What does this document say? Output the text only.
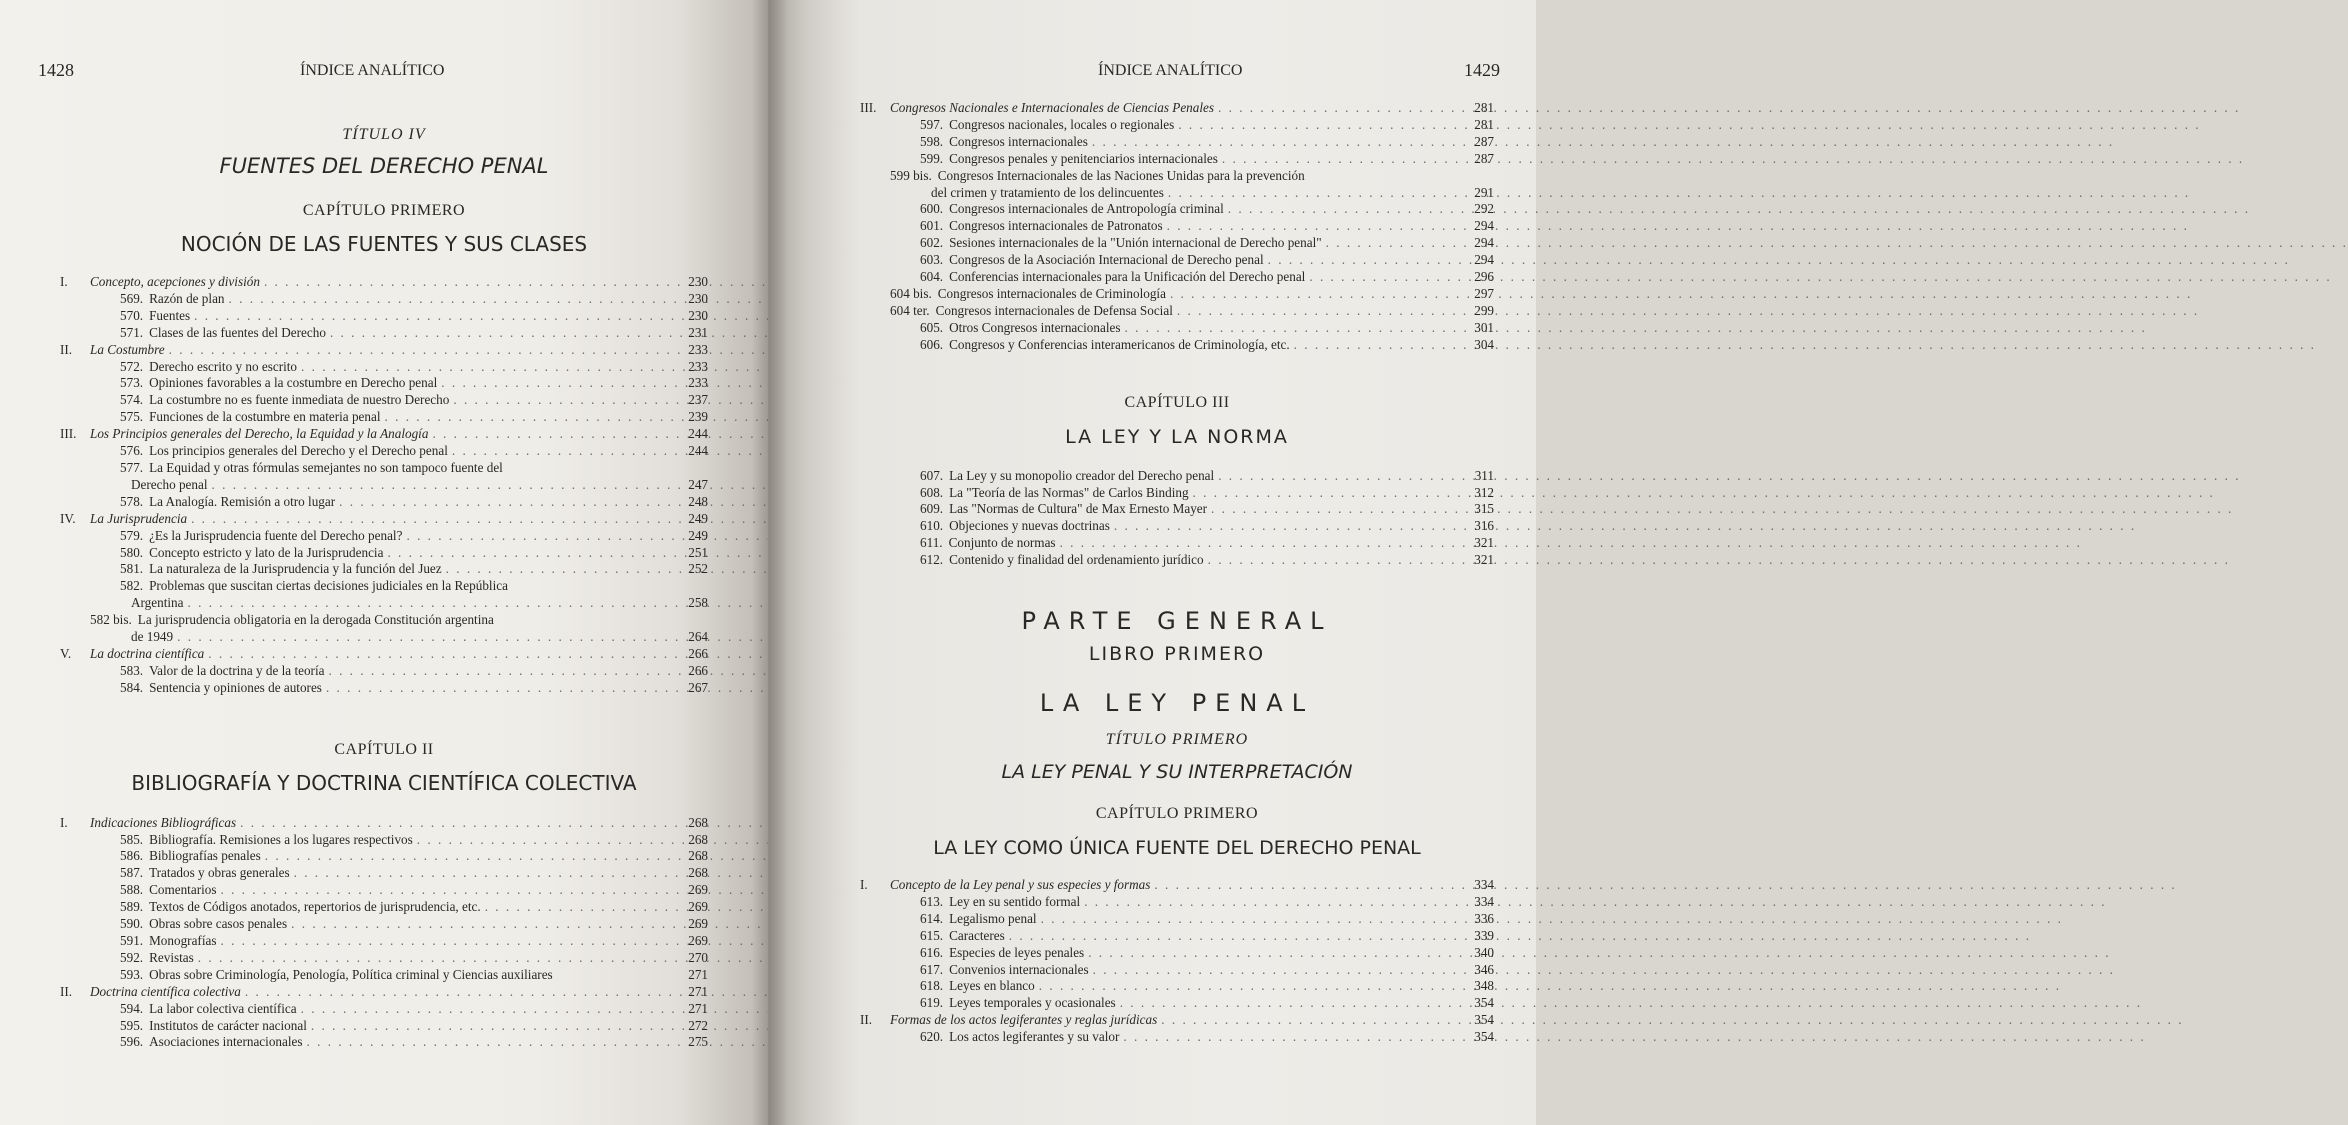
1428	ÍNDICE ANALÍTICO
TÍTULO IV
FUENTES DEL DERECHO PENAL
CAPÍTULO PRIMERO
NOCIÓN DE LAS FUENTES Y SUS CLASES
I.	Concepto, acepciones y división . . .	230
569. Razón de plan . . .	230
570. Fuentes . . .	230
571. Clases de las fuentes del Derecho . . .	231
II.	La Costumbre . . .	233
572. Derecho escrito y no escrito . . .	233
573. Opiniones favorables a la costumbre en Derecho penal . . .	233
574. La costumbre no es fuente inmediata de nuestro Derecho . . .	237
575. Funciones de la costumbre en materia penal . . .	239
III.	Los Principios generales del Derecho, la Equidad y la Analogía . . .	244
576. Los principios generales del Derecho y el Derecho penal . . .	244
577. La Equidad y otras fórmulas semejantes no son tampoco fuente del
Derecho penal . . .	247
578. La Analogía. Remisión a otro lugar . . .	248
IV.	La Jurisprudencia . . .	249
579. ¿Es la Jurisprudencia fuente del Derecho penal? . . .	249
580. Concepto estricto y lato de la Jurisprudencia . . .	251
581. La naturaleza de la Jurisprudencia y la función del Juez . . .	252
582. Problemas que suscitan ciertas decisiones judiciales en la República
Argentina . . .	258
582 bis. La jurisprudencia obligatoria en la derogada Constitución argentina
de 1949 . . .	264
V.	La doctrina científica . . .	266
583. Valor de la doctrina y de la teoría . . .	266
584. Sentencia y opiniones de autores . . .	267
CAPÍTULO II
BIBLIOGRAFÍA Y DOCTRINA CIENTÍFICA COLECTIVA
I.	Indicaciones Bibliográficas . . .	268
585. Bibliografía. Remisiones a los lugares respectivos . . .	268
586. Bibliografías penales . . .	268
587. Tratados y obras generales . . .	268
588. Comentarios . . .	269
589. Textos de Códigos anotados, repertorios de jurisprudencia, etc. . . .	269
590. Obras sobre casos penales . . .	269
591. Monografías . . .	269
592. Revistas . . .	270
593. Obras sobre Criminología, Penología, Política criminal y Ciencias auxiliares	271
II.	Doctrina científica colectiva . . .	271
594. La labor colectiva científica . . .	271
595. Institutos de carácter nacional . . .	272
596. Asociaciones internacionales . . .	275
ÍNDICE ANALÍTICO	1429
III.	Congresos Nacionales e Internacionales de Ciencias Penales . . .	281
597. Congresos nacionales, locales o regionales . . .	281
598. Congresos internacionales . . .	287
599. Congresos penales y penitenciarios internacionales . . .	287
599 bis. Congresos Internacionales de las Naciones Unidas para la prevención
del crimen y tratamiento de los delincuentes . . .	291
600. Congresos internacionales de Antropología criminal . . .	292
601. Congresos internacionales de Patronatos . . .	294
602. Sesiones internacionales de la "Unión internacional de Derecho penal" . . .	294
603. Congresos de la Asociación Internacional de Derecho penal . . .	294
604. Conferencias internacionales para la Unificación del Derecho penal . . .	296
604 bis. Congresos internacionales de Criminología . . .	297
604 ter. Congresos internacionales de Defensa Social . . .	299
605. Otros Congresos internacionales . . .	301
606. Congresos y Conferencias interamericanos de Criminología, etc. . . .	304
CAPÍTULO III
LA LEY Y LA NORMA
607. La Ley y su monopolio creador del Derecho penal . . .	311
608. La "Teoría de las Normas" de Carlos Binding . . .	312
609. Las "Normas de Cultura" de Max Ernesto Mayer . . .	315
610. Objeciones y nuevas doctrinas . . .	316
611. Conjunto de normas . . .	321
612. Contenido y finalidad del ordenamiento jurídico . . .	321
PARTE GENERAL
LIBRO PRIMERO
LA LEY PENAL
TÍTULO PRIMERO
LA LEY PENAL Y SU INTERPRETACIÓN
CAPÍTULO PRIMERO
LA LEY COMO ÚNICA FUENTE DEL DERECHO PENAL
I.	Concepto de la Ley penal y sus especies y formas . . .	334
613. Ley en su sentido formal . . .	334
614. Legalismo penal . . .	336
615. Caracteres . . .	339
616. Especies de leyes penales . . .	340
617. Convenios internacionales . . .	346
618. Leyes en blanco . . .	348
619. Leyes temporales y ocasionales . . .	354
II.	Formas de los actos legiferantes y reglas jurídicas . . .	354
620. Los actos legiferantes y su valor . . .	354
